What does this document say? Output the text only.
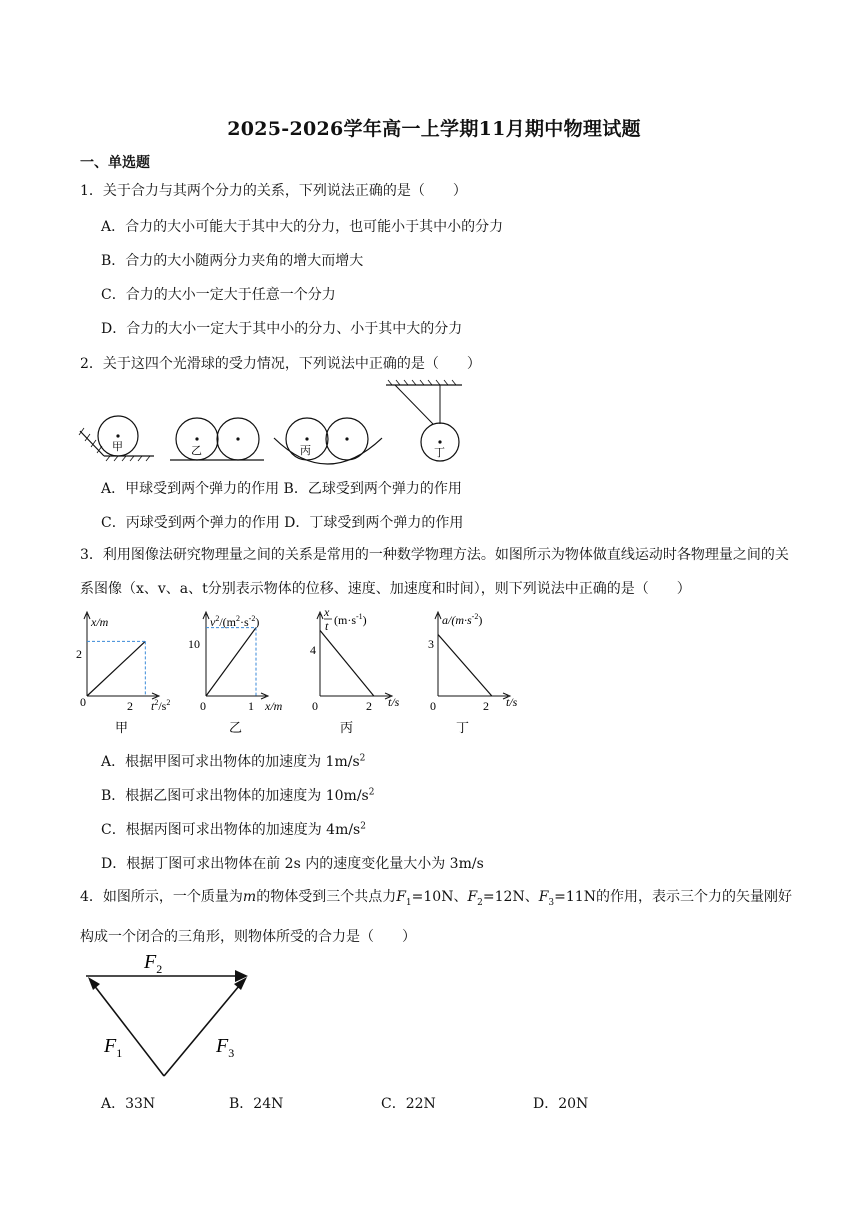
2025-2026学年高一上学期11月期中物理试题
一、单选题
1．关于合力与其两个分力的关系，下列说法正确的是（　　）
A．合力的大小可能大于其中大的分力，也可能小于其中小的分力
B．合力的大小随两分力夹角的增大而增大
C．合力的大小一定大于任意一个分力
D．合力的大小一定大于其中小的分力、小于其中大的分力
2．关于这四个光滑球的受力情况，下列说法中正确的是（　　）
甲	乙	丙	丁
A．甲球受到两个弹力的作用 B．乙球受到两个弹力的作用
C．丙球受到两个弹力的作用 D．丁球受到两个弹力的作用
3．利用图像法研究物理量之间的关系是常用的一种数学物理方法。如图所示为物体做直线运动时各物理量之间的关系图像（x、v、a、t分别表示物体的位移、速度、加速度和时间），则下列说法中正确的是（　　）
x/m
2
0	2 $t^2/s^2$
甲
$v^2/(m^2\cdot s^{-2})$
10
0	1 x/m
乙
x
t $(m\cdot s^{-1})$
4
0	2 t/s
丙
$a/(m\cdot s^{-2})$
3
0	2 t/s
丁
A．根据甲图可求出物体的加速度为 $1m/s^2$
B．根据乙图可求出物体的加速度为 $10m/s^2$
C．根据丙图可求出物体的加速度为 $4m/s^2$
D．根据丁图可求出物体在前 2s 内的速度变化量大小为 3m/s
4．如图所示，一个质量为m的物体受到三个共点力$F_1=10N$、$F_2=12N$、$F_3=11N$的作用，表示三个力的矢量刚好构成一个闭合的三角形，则物体所受的合力是（　　）
$F_2$
$F_1$	$F_3$
A．33N	B．24N	C．22N	D．20N
